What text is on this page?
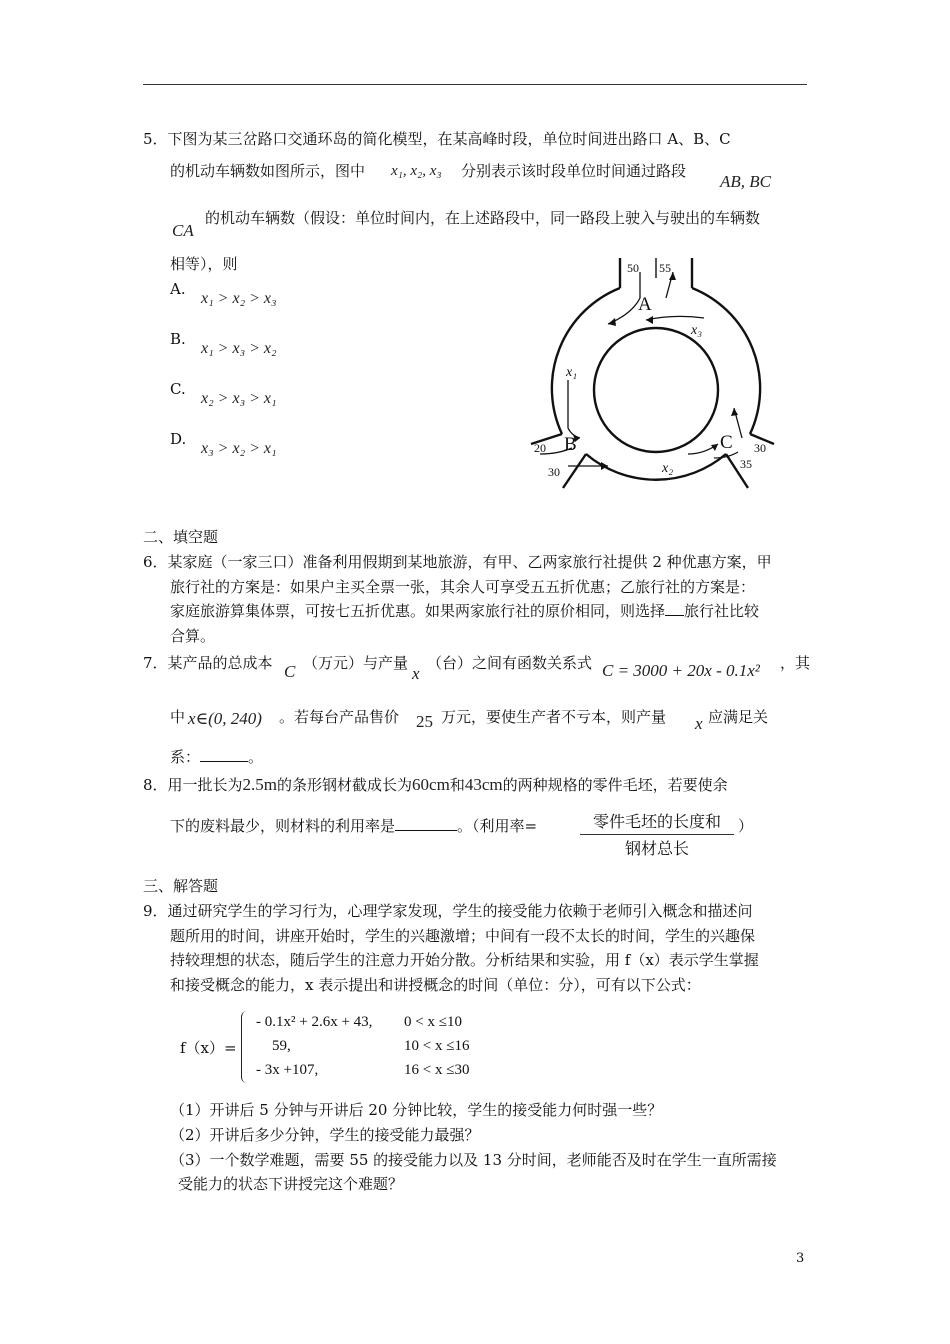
5．下图为某三岔路口交通环岛的简化模型，在某高峰时段，单位时间进出路口 A、B、C
的机动车辆数如图所示，图中 x₁, x₂, x₃ 分别表示该时段单位时间通过路段
AB, BC
CA
的机动车辆数（假设：单位时间内，在上述路段中，同一路段上驶入与驶出的车辆数
相等），则
A.
x₁ > x₂ > x₃
B.
x₁ > x₃ > x₂
C.
x₂ > x₃ > x₁
D.
x₃ > x₂ > x₁
50 55
20
30
30
35
A
B	C
x₁
x₂
x₃
二、填空题
6．某家庭（一家三口）准备利用假期到某地旅游，有甲、乙两家旅行社提供 2 种优惠方案，甲
旅行社的方案是：如果户主买全票一张，其余人可享受五五折优惠；乙旅行社的方案是：
家庭旅游算集体票，可按七五折优惠。如果两家旅行社的原价相同，则选择 旅行社比较
合算。
7．某产品的总成本 C （万元）与产量
x
（台）之间有函数关系式 C = 3000 + 20x - 0.1x² ，其
中 x∈(0, 240) 。若每台产品售价 25 万元，要使生产者不亏本，则产量 x 应满足关
系：	。
8．用一批长为2.5m的条形钢材截成长为60cm和43cm的两种规格的零件毛坯，若要使余
下的废料最少，则材料的利用率是	。（利用率=	零件毛坯的长度和
钢材总长
）
三、解答题
9．通过研究学生的学习行为，心理学家发现，学生的接受能力依赖于老师引入概念和描述问
题所用的时间，讲座开始时，学生的兴趣激增；中间有一段不太长的时间，学生的兴趣保
持较理想的状态，随后学生的注意力开始分散。分析结果和实验，用 f（x）表示学生掌握
和接受概念的能力，x 表示提出和讲授概念的时间（单位：分），可有以下公式：
f（x）=
- 0.1x² + 2.6x + 43, 0 < x ≤10
59,	10 < x ≤16
- 3x +107,	16 < x ≤30
（1）开讲后 5 分钟与开讲后 20 分钟比较，学生的接受能力何时强一些？
（2）开讲后多少分钟，学生的接受能力最强？
（3）一个数学难题，需要 55 的接受能力以及 13 分时间，老师能否及时在学生一直所需接
受能力的状态下讲授完这个难题？
3
